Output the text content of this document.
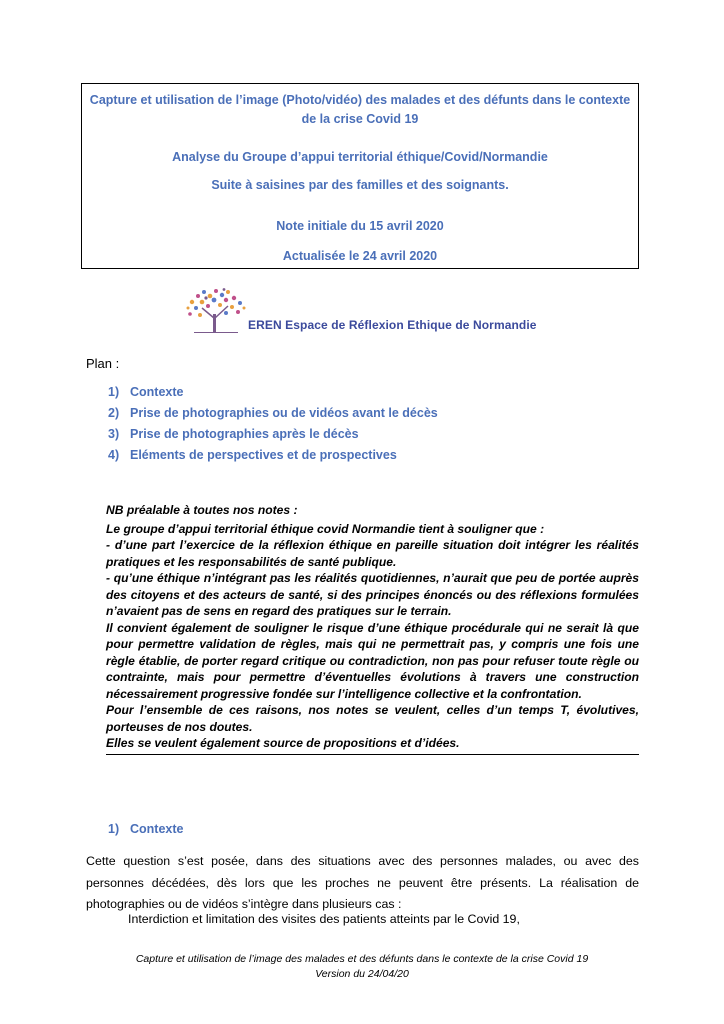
Capture et utilisation de l’image (Photo/vidéo) des malades et des défunts dans le contexte de la crise Covid 19

Analyse du Groupe d’appui territorial éthique/Covid/Normandie

Suite à saisines par des familles et des soignants.

Note initiale du 15 avril 2020

Actualisée le 24 avril 2020

EREN Espace de Réflexion Ethique de Normandie
Plan :
1) Contexte
2) Prise de photographies ou de vidéos avant le décès
3) Prise de photographies après le décès
4) Eléments de perspectives et de prospectives

NB préalable à toutes nos notes :

Le groupe d’appui territorial éthique covid Normandie tient à souligner que :

- d’une part l’exercice de la réflexion éthique en pareille situation doit intégrer les réalités pratiques et les responsabilités de santé publique.

- qu’une éthique n’intégrant pas les réalités quotidiennes, n’aurait que peu de portée auprès des citoyens et des acteurs de santé, si des principes énoncés ou des réflexions formulées n’avaient pas de sens en regard des pratiques sur le terrain.

Il convient également de souligner le risque d’une éthique procédurale qui ne serait là que pour permettre validation de règles, mais qui ne permettrait pas, y compris une fois une règle établie, de porter regard critique ou contradiction, non pas pour refuser toute règle ou contrainte, mais pour permettre d’éventuelles évolutions à travers une construction nécessairement progressive fondée sur l’intelligence collective et la confrontation.

Pour l’ensemble de ces raisons, nos notes se veulent, celles d’un temps T, évolutives, porteuses de nos doutes.

Elles se veulent également source de propositions et d’idées.

1) Contexte

Cette question s’est posée, dans des situations avec des personnes malades, ou avec des personnes décédées, dès lors que les proches ne peuvent être présents. La réalisation de photographies ou de vidéos s’intègre dans plusieurs cas :

Interdiction et limitation des visites des patients atteints par le Covid 19,

Capture et utilisation de l’image des malades et des défunts dans le contexte de la crise Covid 19

Version du 24/04/20
